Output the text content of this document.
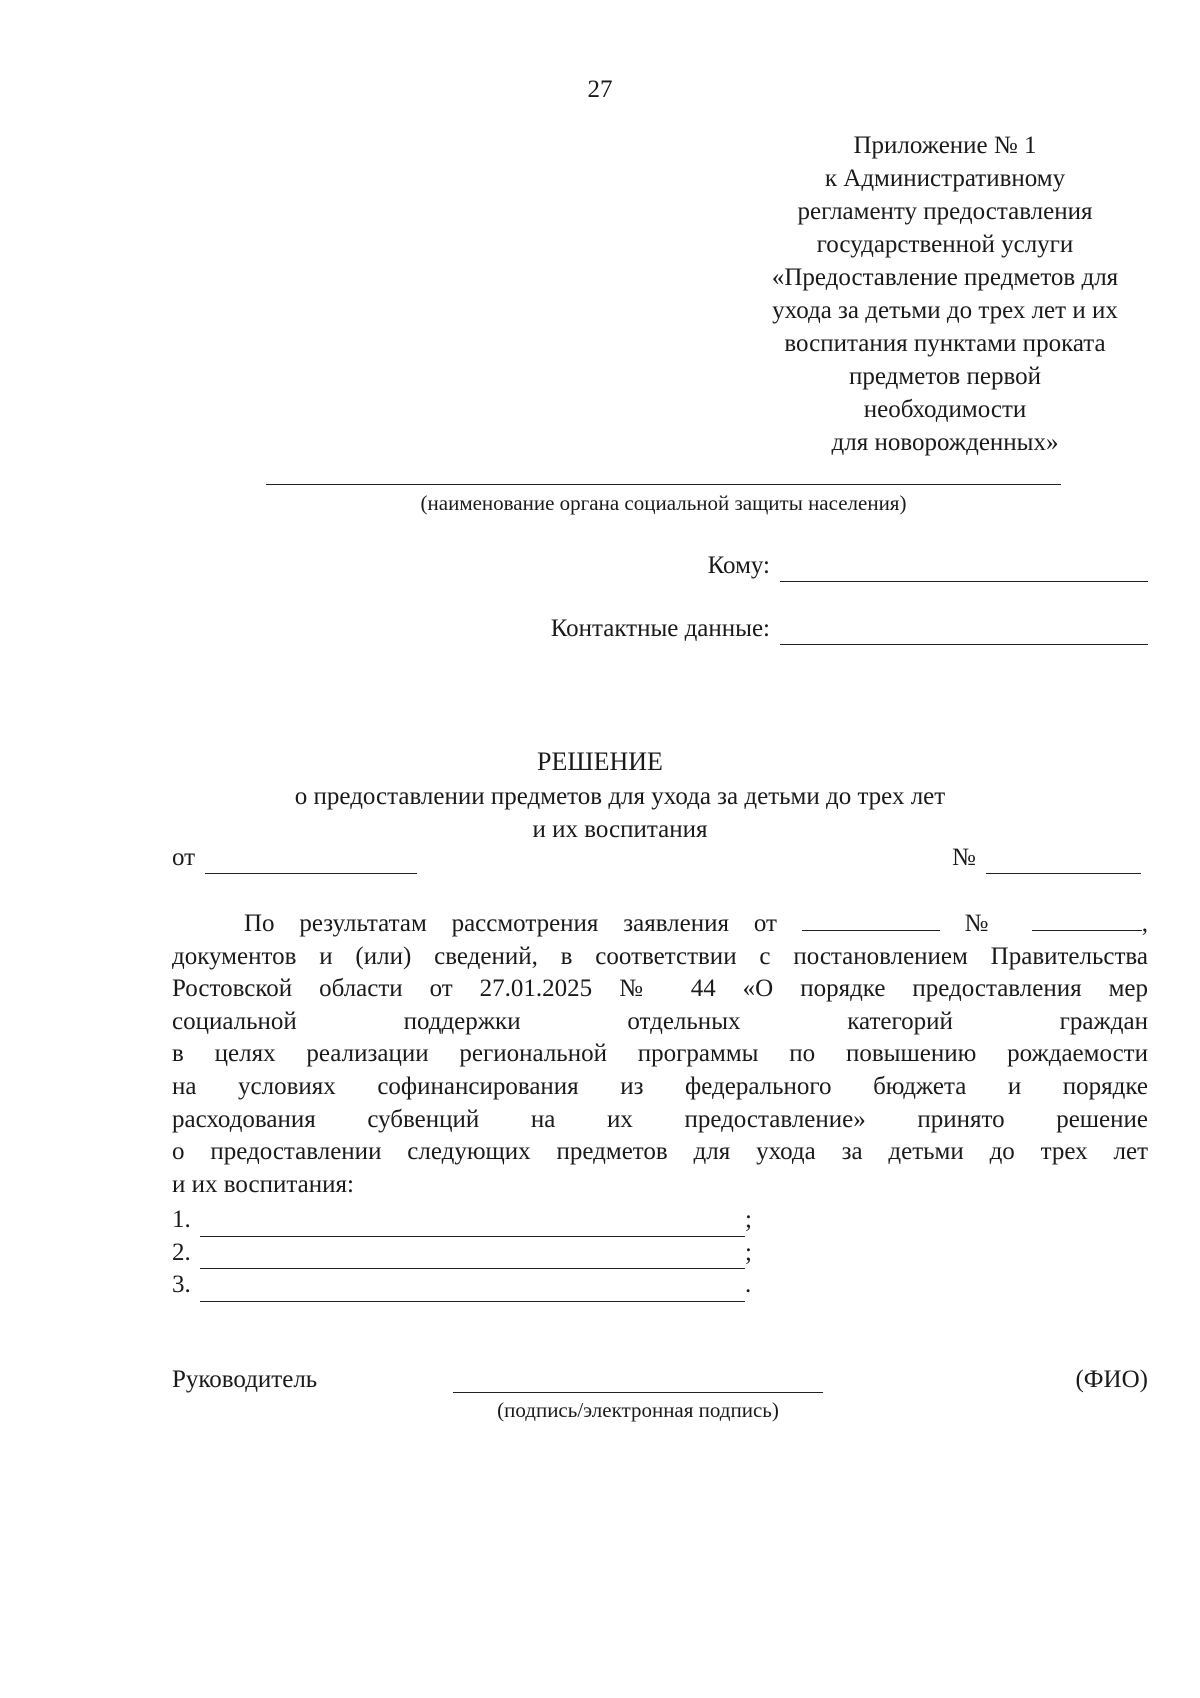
27
Приложение № 1
к Административному
регламенту предоставления
государственной услуги
«Предоставление предметов для
ухода за детьми до трех лет и их
воспитания пунктами проката
предметов первой
необходимости
для новорожденных»
(наименование органа социальной защиты населения)
Кому:
Контактные данные:
РЕШЕНИЕ
о предоставлении предметов для ухода за детьми до трех лет
и их воспитания
от	№
По результатам рассмотрения заявления от	№	,
документов и (или) сведений, в соответствии с постановлением Правительства
Ростовской области от 27.01.2025 № 44 «О порядке предоставления мер
социальной поддержки отдельных категорий граждан
в целях реализации региональной программы по повышению рождаемости
на условиях софинансирования из федерального бюджета и порядке
расходования субвенций на их предоставление» принято решение
о предоставлении следующих предметов для ухода за детьми до трех лет
и их воспитания:
1.	;
2.	;
3.	.
Руководитель
(подпись/электронная подпись)
(ФИО)
